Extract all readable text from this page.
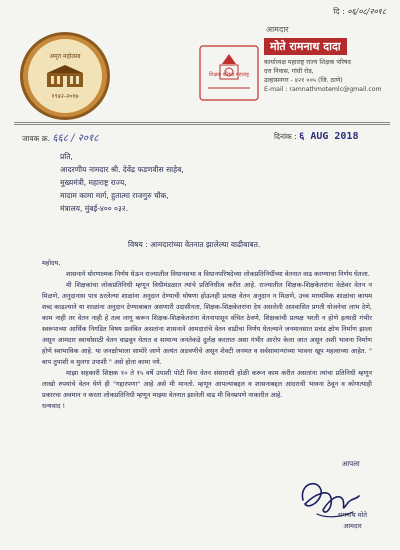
दि : ०६/०८/२०१८
अमृत महोत्सव
१९४२-२०१७
शिक्षक परिषद महाराष्ट्र
आमदार
मोते रामनाथ दादा
कार्याध्यक्ष महाराष्ट्र राज्य शिक्षक परिषद
दत्त निवास, गांधी रोड,
उल्हासनगर - ४२१ ००५ (जि. ठाणे)
E-mail : ramnathmotemlc@gmail.com
जावक क्र. ६६८ / २०१८	दिनांक : ६ AUG 2018
प्रति,
आदरणीय नामदार श्री. देवेंद्र फडणवीस साहेब,
मुख्यमंत्री, महाराष्ट्र राज्य,
मादाम कामा मार्ग, हुतात्मा राजगुरु चौक,
मंत्रालय, मुंबई-४०० ०३२.
विषय : आमदारांच्या वेतनात झालेल्या वाढीबाबत.

महोदय,

शासनाने घोरणात्मक निर्णय घेऊन राज्यातील विधानसभा व विधानपरिषदेच्या लोकप्रतिनिधींच्या वेतनात वाढ करण्याचा निर्णय घेतला.

मी शिक्षकांचा लोकप्रतिनिधी म्हणून विधीमंडळात त्यांचे प्रतिनिधीत्व करीत आहे. राज्यातील शिक्षक-शिक्षकेतरांना वेळेवर वेतन न मिळणे, अनुदानास पात्र ठरलेल्या शाळांना अनुदान देण्याची घोषणा होऊनही प्रत्यक्ष वेतन अनुदान न मिळणे, उच्च माध्यमिक शाळांचा कायम शब्द काढल्याने या शाळांना अनुदान देण्याबाबत असणारी उदासीनता, शिक्षक-शिक्षकेतरांना देय असलेली आश्वासित प्रगती योजनेचा लाभ देणे, काम नाही तर वेतन नाही हे तत्व लागू करून शिक्षक-शिक्षकेतरांना वेतनापासून वंचित ठेवणे, शिक्षकांची प्रत्यक्ष भरती न होणे इत्यादी गंभीर स्वरूपाच्या आर्थिक निगडित विषय प्रलंबित असतांना शासनाने आमदारांचे वेतन वाढीचा निर्णय घेतल्याने जनमानसात प्रचंड क्षोभ निर्माण झाला असून आमदार स्वार्थासाठी वेतन वाढवून घेतात व सामान्य जनतेकडे दुर्लक्ष करतात असा गंभीर आरोप केला जात असून अशी भावना निर्माण होणे स्वाभाविक आहे. या जनक्षोभाला सामोरे जाणे अत्यंत अडचणीचे असून शेवटी जनमत व सर्वसामान्यांच्या भावना खूप महत्वाच्या आहेत. " बाप तुपाशी व मुलगा उपाशी " असे होता कामा नये.

माझा सहकारी शिक्षक १० ते १५ वर्षे उपाशी पोटी विना वेतन संसाराशी होळी करून काम करीत असतांना त्यांचा प्रतिनिधी म्हणून लाखो रुपयांचे वेतन घेणे ही "गद्दारपणा" आहे असे मी मानतो. म्हणून आपल्याबद्दल व शासनाबद्दल आदराची भावना ठेवून व कोणत्याही प्रकारचा अवमान न करता लोकप्रतिनिधी म्हणून माझ्या वेतनात झालेली वाढ मी विनम्रपणे नाकारीत आहे.

धन्यवाद !

आपला
रामनाथ मोते
आमदार
